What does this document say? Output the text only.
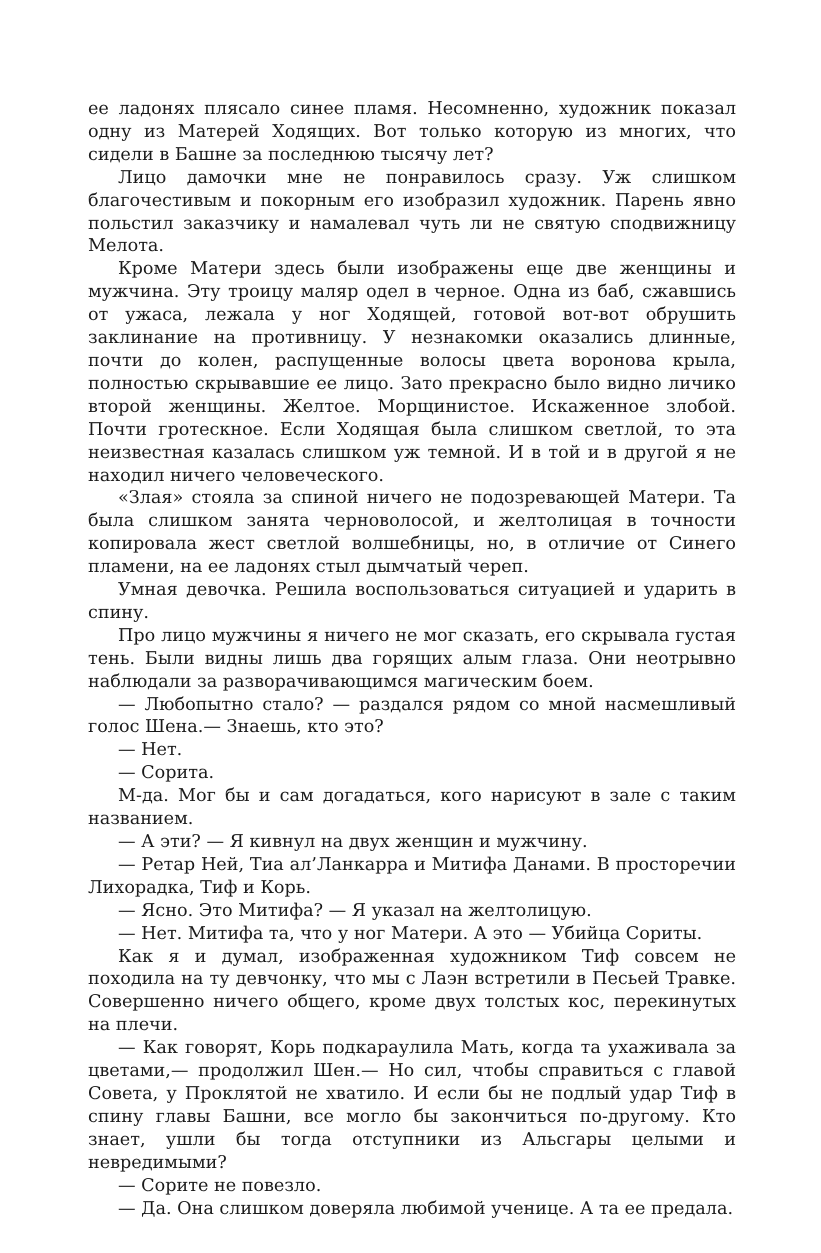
ее ладонях плясало синее пламя. Несомненно, художник показал одну из Матерей Ходящих. Вот только которую из многих, что сидели в Башне за последнюю тысячу лет?

Лицо дамочки мне не понравилось сразу. Уж слишком благочестивым и покорным его изобразил художник. Парень явно польстил заказчику и намалевал чуть ли не святую сподвижницу Мелота.

Кроме Матери здесь были изображены еще две женщины и мужчина. Эту троицу маляр одел в черное. Одна из баб, сжавшись от ужаса, лежала у ног Ходящей, готовой вот-вот обрушить заклинание на противницу. У незнакомки оказались длинные, почти до колен, распущенные волосы цвета воронова крыла, полностью скрывавшие ее лицо. Зато прекрасно было видно личико второй женщины. Желтое. Морщинистое. Искаженное злобой. Почти гротескное. Если Ходящая была слишком светлой, то эта неизвестная казалась слишком уж темной. И в той и в другой я не находил ничего человеческого.

«Злая» стояла за спиной ничего не подозревающей Матери. Та была слишком занята черноволосой, и желтолицая в точности копировала жест светлой волшебницы, но, в отличие от Синего пламени, на ее ладонях стыл дымчатый череп.

Умная девочка. Решила воспользоваться ситуацией и ударить в спину.

Про лицо мужчины я ничего не мог сказать, его скрывала густая тень. Были видны лишь два горящих алым глаза. Они неотрывно наблюдали за разворачивающимся магическим боем.

— Любопытно стало? — раздался рядом со мной насмешливый голос Шена.— Знаешь, кто это?

— Нет.

— Сорита.

М-да. Мог бы и сам догадаться, кого нарисуют в зале с таким названием.

— А эти? — Я кивнул на двух женщин и мужчину.

— Ретар Ней, Тиа ал’Ланкарра и Митифа Данами. В просторечии Лихорадка, Тиф и Корь.

— Ясно. Это Митифа? — Я указал на желтолицую.

— Нет. Митифа та, что у ног Матери. А это — Убийца Сориты.

Как я и думал, изображенная художником Тиф совсем не походила на ту девчонку, что мы с Лаэн встретили в Песьей Травке. Совершенно ничего общего, кроме двух толстых кос, перекинутых на плечи.

— Как говорят, Корь подкараулила Мать, когда та ухаживала за цветами,— продолжил Шен.— Но сил, чтобы справиться с главой Совета, у Проклятой не хватило. И если бы не подлый удар Тиф в спину главы Башни, все могло бы закончиться по-другому. Кто знает, ушли бы тогда отступники из Альсгары целыми и невредимыми?

— Сорите не повезло.

— Да. Она слишком доверяла любимой ученице. А та ее предала.
